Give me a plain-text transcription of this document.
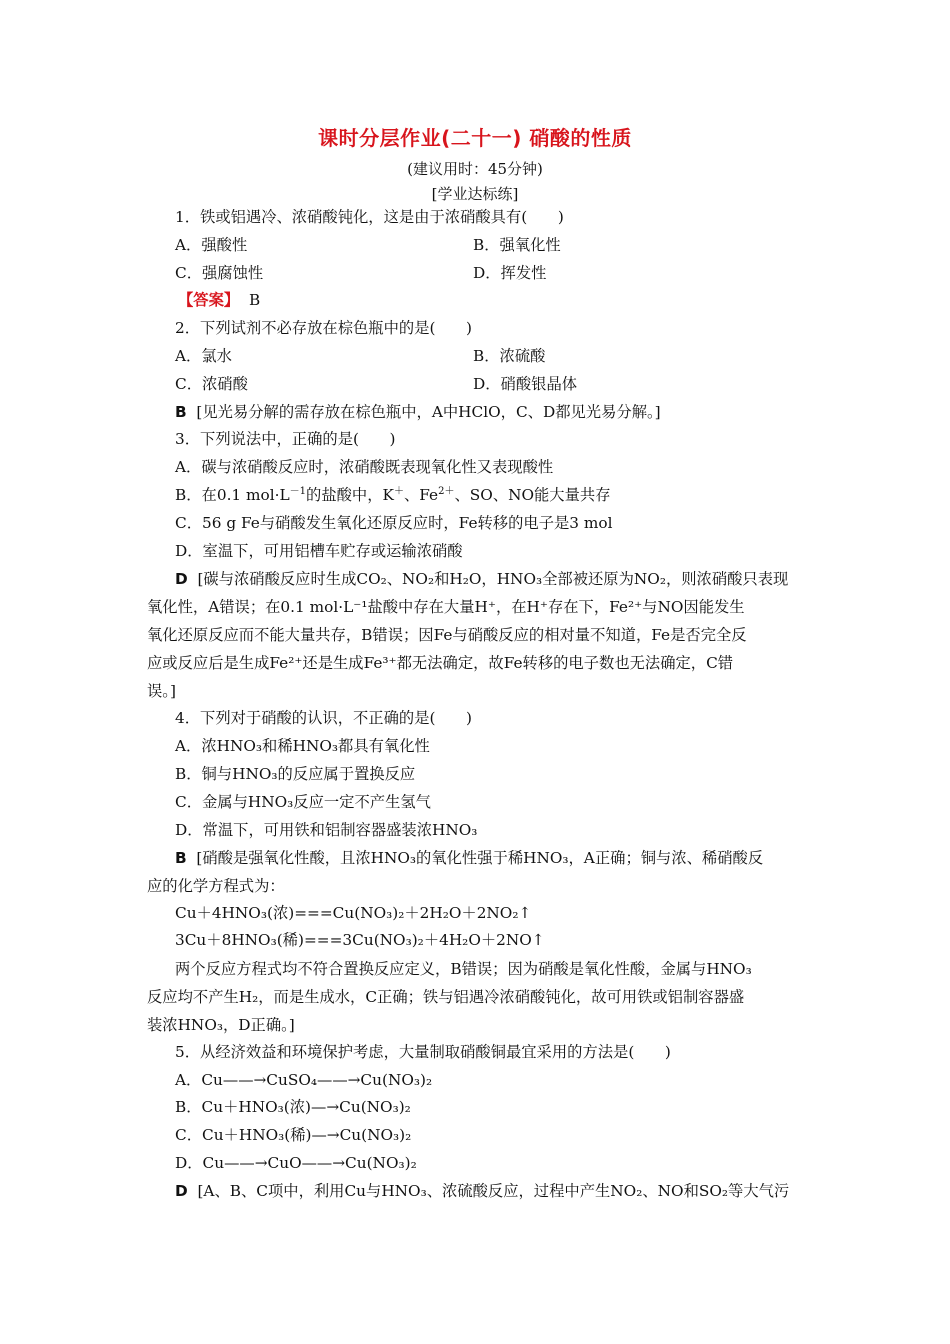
课时分层作业(二十一) 硝酸的性质
(建议用时：45分钟)
[学业达标练]
1．铁或铝遇冷、浓硝酸钝化，这是由于浓硝酸具有(　　)
A．强酸性	B．强氧化性
C．强腐蚀性	D．挥发性
【答案】 B
2．下列试剂不必存放在棕色瓶中的是(　　)
A．氯水	B．浓硫酸
C．浓硝酸	D．硝酸银晶体
B [见光易分解的需存放在棕色瓶中，A中HClO，C、D都见光易分解。]
3．下列说法中，正确的是(　　)
A．碳与浓硝酸反应时，浓硝酸既表现氧化性又表现酸性
B．在0.1 $mol\cdot L^{-1}$的盐酸中，K＋、$Fe^{2+}$、SO、NO能大量共存
C．56 g Fe与硝酸发生氧化还原反应时，Fe转移的电子是3 mol
D．室温下，可用铝槽车贮存或运输浓硝酸
D [碳与浓硝酸反应时生成CO₂、NO₂和H₂O，HNO₃全部被还原为NO₂，则浓硝酸只表现
氧化性，A错误；在0.1 mol·L⁻¹盐酸中存在大量H⁺，在H⁺存在下，Fe²⁺与NO因能发生
氧化还原反应而不能大量共存，B错误；因Fe与硝酸反应的相对量不知道，Fe是否完全反
应或反应后是生成Fe²⁺还是生成Fe³⁺都无法确定，故Fe转移的电子数也无法确定，C错
误。]
4．下列对于硝酸的认识，不正确的是(　　)
A．浓HNO₃和稀HNO₃都具有氧化性
B．铜与HNO₃的反应属于置换反应
C．金属与HNO₃反应一定不产生氢气
D．常温下，可用铁和铝制容器盛装浓HNO₃
B [硝酸是强氧化性酸，且浓HNO₃的氧化性强于稀HNO₃，A正确；铜与浓、稀硝酸反
应的化学方程式为：
Cu＋4HNO₃(浓)===Cu(NO₃)₂＋2H₂O＋2NO₂↑
3Cu＋8HNO₃(稀)===3Cu(NO₃)₂＋4H₂O＋2NO↑
两个反应方程式均不符合置换反应定义，B错误；因为硝酸是氧化性酸，金属与HNO₃
反应均不产生H₂，而是生成水，C正确；铁与铝遇冷浓硝酸钝化，故可用铁或铝制容器盛
装浓HNO₃，D正确。]
5．从经济效益和环境保护考虑，大量制取硝酸铜最宜采用的方法是(　　)
A．Cu——→CuSO₄——→Cu(NO₃)₂
B．Cu＋HNO₃(浓)—→Cu(NO₃)₂
C．Cu＋HNO₃(稀)—→Cu(NO₃)₂
D．Cu——→CuO——→Cu(NO₃)₂
D [A、B、C项中，利用Cu与HNO₃、浓硫酸反应，过程中产生NO₂、NO和SO₂等大气污
